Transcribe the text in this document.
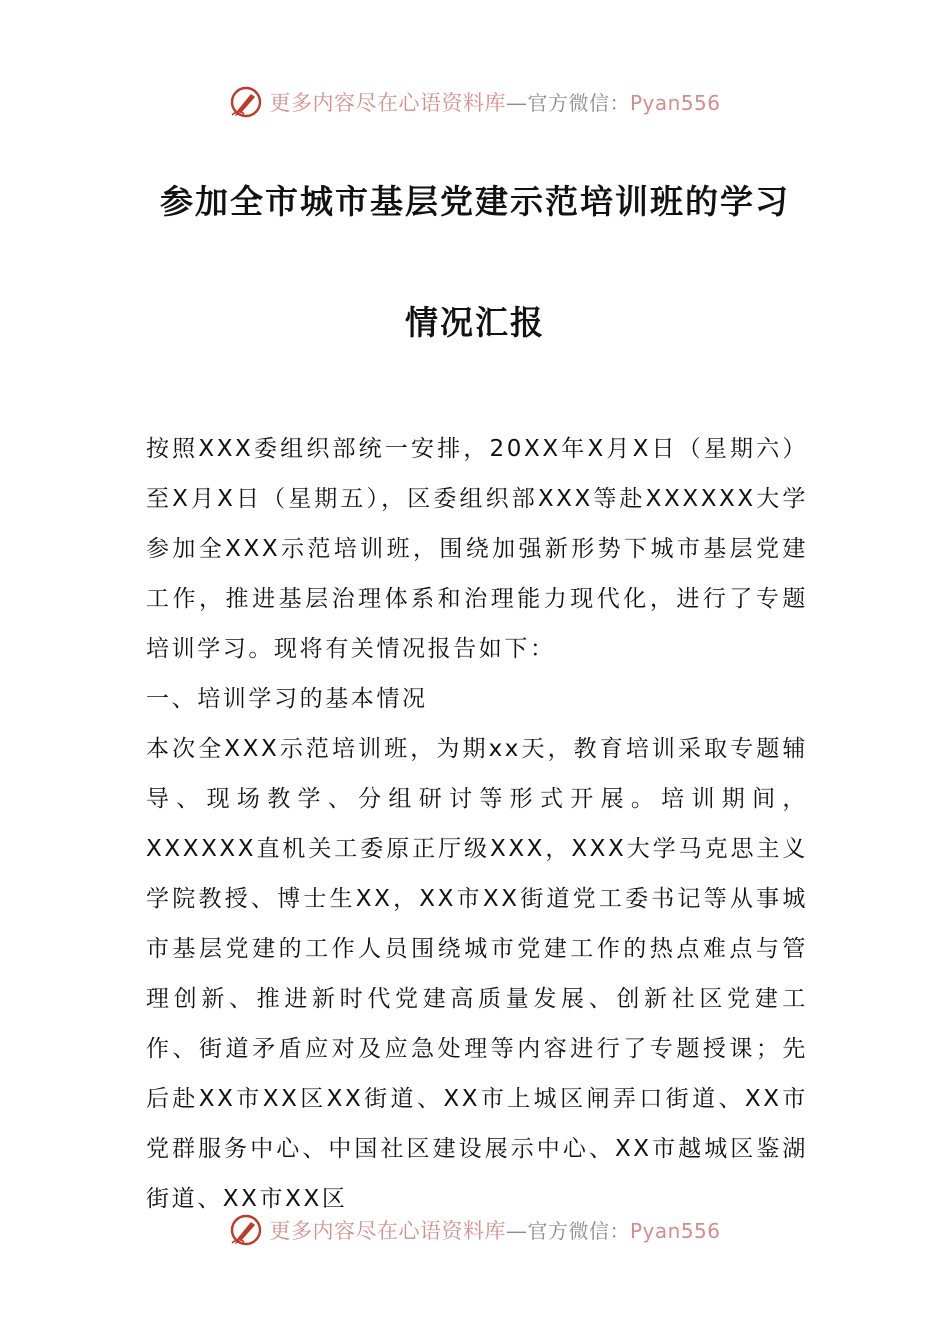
更多内容尽在心语资料库—官方微信：Pyan556
参加全市城市基层党建示范培训班的学习
情况汇报

按照XXX委组织部统一安排，20XX年X月X日（星期六）至X月X日（星期五），区委组织部XXX等赴XXXXXX大学参加全XXX示范培训班，围绕加强新形势下城市基层党建工作，推进基层治理体系和治理能力现代化，进行了专题培训学习。现将有关情况报告如下：

一、培训学习的基本情况

本次全XXX示范培训班，为期xx天，教育培训采取专题辅导、现场教学、分组研讨等形式开展。培训期间，XXXXXX直机关工委原正厅级XXX，XXX大学马克思主义学院教授、博士生XX，XX市XX街道党工委书记等从事城市基层党建的工作人员围绕城市党建工作的热点难点与管理创新、推进新时代党建高质量发展、创新社区党建工作、街道矛盾应对及应急处理等内容进行了专题授课；先后赴XX市XX区XX街道、XX市上城区闸弄口街道、XX市党群服务中心、中国社区建设展示中心、XX市越城区鉴湖街道、XX市XX区

更多内容尽在心语资料库—官方微信：Pyan556
